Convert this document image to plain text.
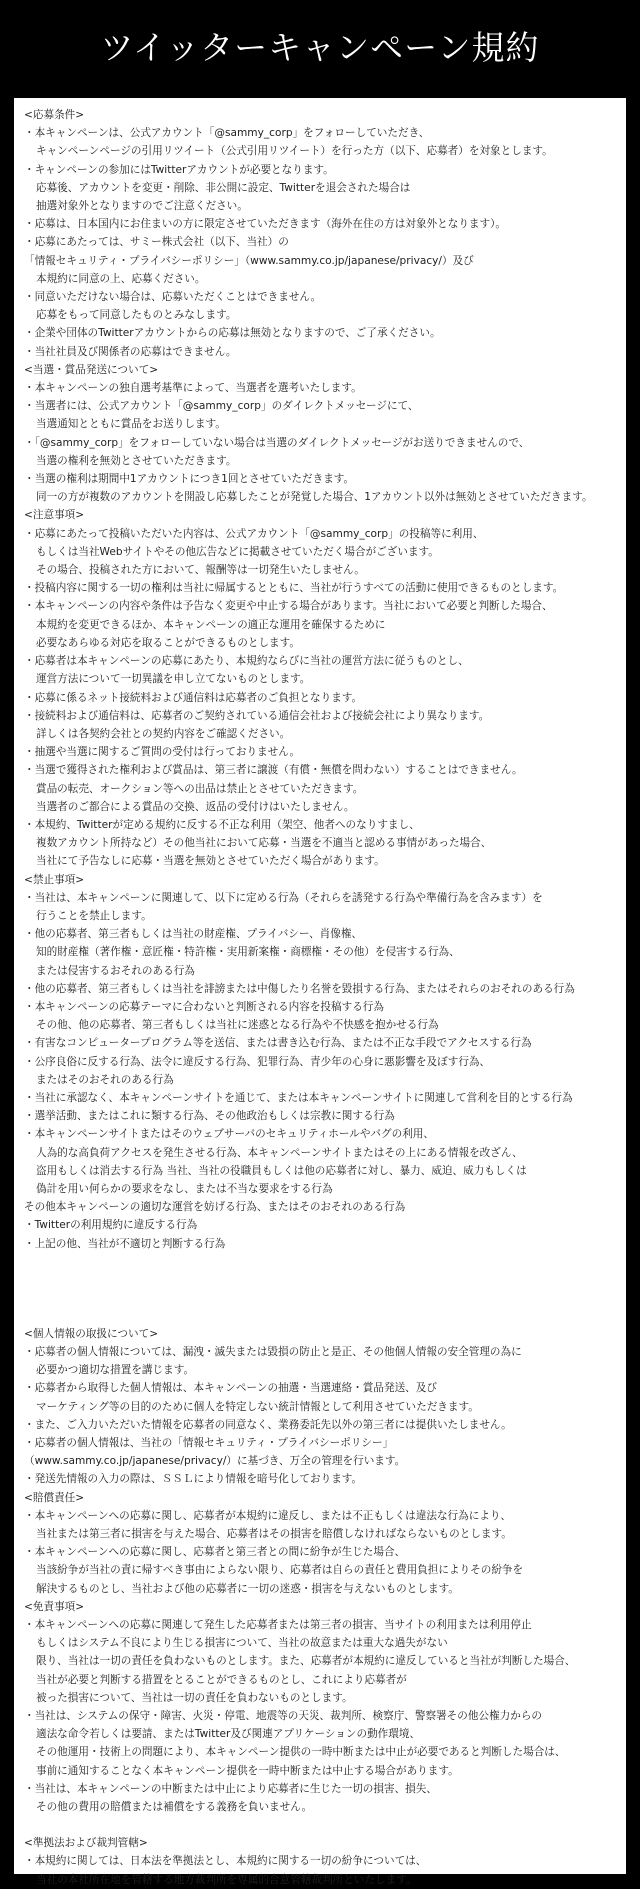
ツイッターキャンペーン規約
<応募条件>
・本キャンペーンは、公式アカウント「@sammy_corp」をフォローしていただき、
キャンペーンページの引用リツイート（公式引用リツイート）を行った方（以下、応募者）を対象とします。
・キャンペーンの参加にはTwitterアカウントが必要となります。
応募後、アカウントを変更・削除、非公開に設定、Twitterを退会された場合は
抽選対象外となりますのでご注意ください。
・応募は、日本国内にお住まいの方に限定させていただきます（海外在住の方は対象外となります）。
・応募にあたっては、サミー株式会社（以下、当社）の
「情報セキュリティ・プライバシーポリシー」（www.sammy.co.jp/japanese/privacy/）及び
本規約に同意の上、応募ください。
・同意いただけない場合は、応募いただくことはできません。
応募をもって同意したものとみなします。
・企業や団体のTwitterアカウントからの応募は無効となりますので、ご了承ください。
・当社社員及び関係者の応募はできません。
<当選・賞品発送について>
・本キャンペーンの独自選考基準によって、当選者を選考いたします。
・当選者には、公式アカウント「@sammy_corp」のダイレクトメッセージにて、
当選通知とともに賞品をお送りします。
・「@sammy_corp」をフォローしていない場合は当選のダイレクトメッセージがお送りできませんので、
当選の権利を無効とさせていただきます。
・当選の権利は期間中1アカウントにつき1回とさせていただきます。
同一の方が複数のアカウントを開設し応募したことが発覚した場合、1アカウント以外は無効とさせていただきます。
<注意事項>
・応募にあたって投稿いただいた内容は、公式アカウント「@sammy_corp」の投稿等に利用、
もしくは当社Webサイトやその他広告などに掲載させていただく場合がございます。
その場合、投稿された方において、報酬等は一切発生いたしません。
・投稿内容に関する一切の権利は当社に帰属するとともに、当社が行うすべての活動に使用できるものとします。
・本キャンペーンの内容や条件は予告なく変更や中止する場合があります。当社において必要と判断した場合、
本規約を変更できるほか、本キャンペーンの適正な運用を確保するために
必要なあらゆる対応を取ることができるものとします。
・応募者は本キャンペーンの応募にあたり、本規約ならびに当社の運営方法に従うものとし、
運営方法について一切異議を申し立てないものとします。
・応募に係るネット接続料および通信料は応募者のご負担となります。
・接続料および通信料は、応募者のご契約されている通信会社および接続会社により異なります。
詳しくは各契約会社との契約内容をご確認ください。
・抽選や当選に関するご質問の受付は行っておりません。
・当選で獲得された権利および賞品は、第三者に譲渡（有償・無償を問わない）することはできません。
賞品の転売、オークション等への出品は禁止とさせていただきます。
当選者のご都合による賞品の交換、返品の受付けはいたしません。
・本規約、Twitterが定める規約に反する不正な利用（架空、他者へのなりすまし、
複数アカウント所持など）その他当社において応募・当選を不適当と認める事情があった場合、
当社にて予告なしに応募・当選を無効とさせていただく場合があります。
<禁止事項>
・当社は、本キャンペーンに関連して、以下に定める行為（それらを誘発する行為や準備行為を含みます）を
行うことを禁止します。
・他の応募者、第三者もしくは当社の財産権、プライバシー、肖像権、
知的財産権（著作権・意匠権・特許権・実用新案権・商標権・その他）を侵害する行為、
または侵害するおそれのある行為
・他の応募者、第三者もしくは当社を誹謗または中傷したり名誉を毀損する行為、またはそれらのおそれのある行為
・本キャンペーンの応募テーマに合わないと判断される内容を投稿する行為
その他、他の応募者、第三者もしくは当社に迷惑となる行為や不快感を抱かせる行為
・有害なコンピュータープログラム等を送信、または書き込む行為、または不正な手段でアクセスする行為
・公序良俗に反する行為、法令に違反する行為、犯罪行為、青少年の心身に悪影響を及ぼす行為、
またはそのおそれのある行為
・当社に承認なく、本キャンペーンサイトを通じて、または本キャンペーンサイトに関連して営利を目的とする行為
・選挙活動、またはこれに類する行為、その他政治もしくは宗教に関する行為
・本キャンペーンサイトまたはそのウェブサーバのセキュリティホールやバグの利用、
人為的な高負荷アクセスを発生させる行為、本キャンペーンサイトまたはその上にある情報を改ざん、
盗用もしくは消去する行為 当社、当社の役職員もしくは他の応募者に対し、暴力、威迫、威力もしくは
偽計を用い何らかの要求をなし、または不当な要求をする行為
その他本キャンペーンの適切な運営を妨げる行為、またはそのおそれのある行為
・Twitterの利用規約に違反する行為
・上記の他、当社が不適切と判断する行為
<個人情報の取扱について>
・応募者の個人情報については、漏洩・滅失または毀損の防止と是正、その他個人情報の安全管理の為に
必要かつ適切な措置を講じます。
・応募者から取得した個人情報は、本キャンペーンの抽選・当選連絡・賞品発送、及び
マーケティング等の目的のために個人を特定しない統計情報として利用させていただきます。
・また、ご入力いただいた情報を応募者の同意なく、業務委託先以外の第三者には提供いたしません。
・応募者の個人情報は、当社の「情報セキュリティ・プライバシーポリシー」
（www.sammy.co.jp/japanese/privacy/）に基づき、万全の管理を行います。
・発送先情報の入力の際は、ＳＳＬにより情報を暗号化しております。
<賠償責任>
・本キャンペーンへの応募に関し、応募者が本規約に違反し、または不正もしくは違法な行為により、
当社または第三者に損害を与えた場合、応募者はその損害を賠償しなければならないものとします。
・本キャンペーンへの応募に関し、応募者と第三者との間に紛争が生じた場合、
当該紛争が当社の責に帰すべき事由によらない限り、応募者は自らの責任と費用負担によりその紛争を
解決するものとし、当社および他の応募者に一切の迷惑・損害を与えないものとします。
<免責事項>
・本キャンペーンへの応募に関連して発生した応募者または第三者の損害、当サイトの利用または利用停止
もしくはシステム不良により生じる損害について、当社の故意または重大な過失がない
限り、当社は一切の責任を負わないものとします。また、応募者が本規約に違反していると当社が判断した場合、
当社が必要と判断する措置をとることができるものとし、これにより応募者が
被った損害について、当社は一切の責任を負わないものとします。
・当社は、システムの保守・障害、火災・停電、地震等の天災、裁判所、検察庁、警察署その他公権力からの
適法な命令若しくは要請、またはTwitter及び関連アプリケーションの動作環境、
その他運用・技術上の問題により、本キャンペーン提供の一時中断または中止が必要であると判断した場合は、
事前に通知することなく本キャンペーン提供を一時中断または中止する場合があります。
・当社は、本キャンペーンの中断または中止により応募者に生じた一切の損害、損失、
その他の費用の賠償または補償をする義務を負いません。
<準拠法および裁判管轄>
・本規約に関しては、日本法を準拠法とし、本規約に関する一切の紛争については、
当社の本社所在地を管轄する地方裁判所を専属的合意管轄裁判所といたします。
